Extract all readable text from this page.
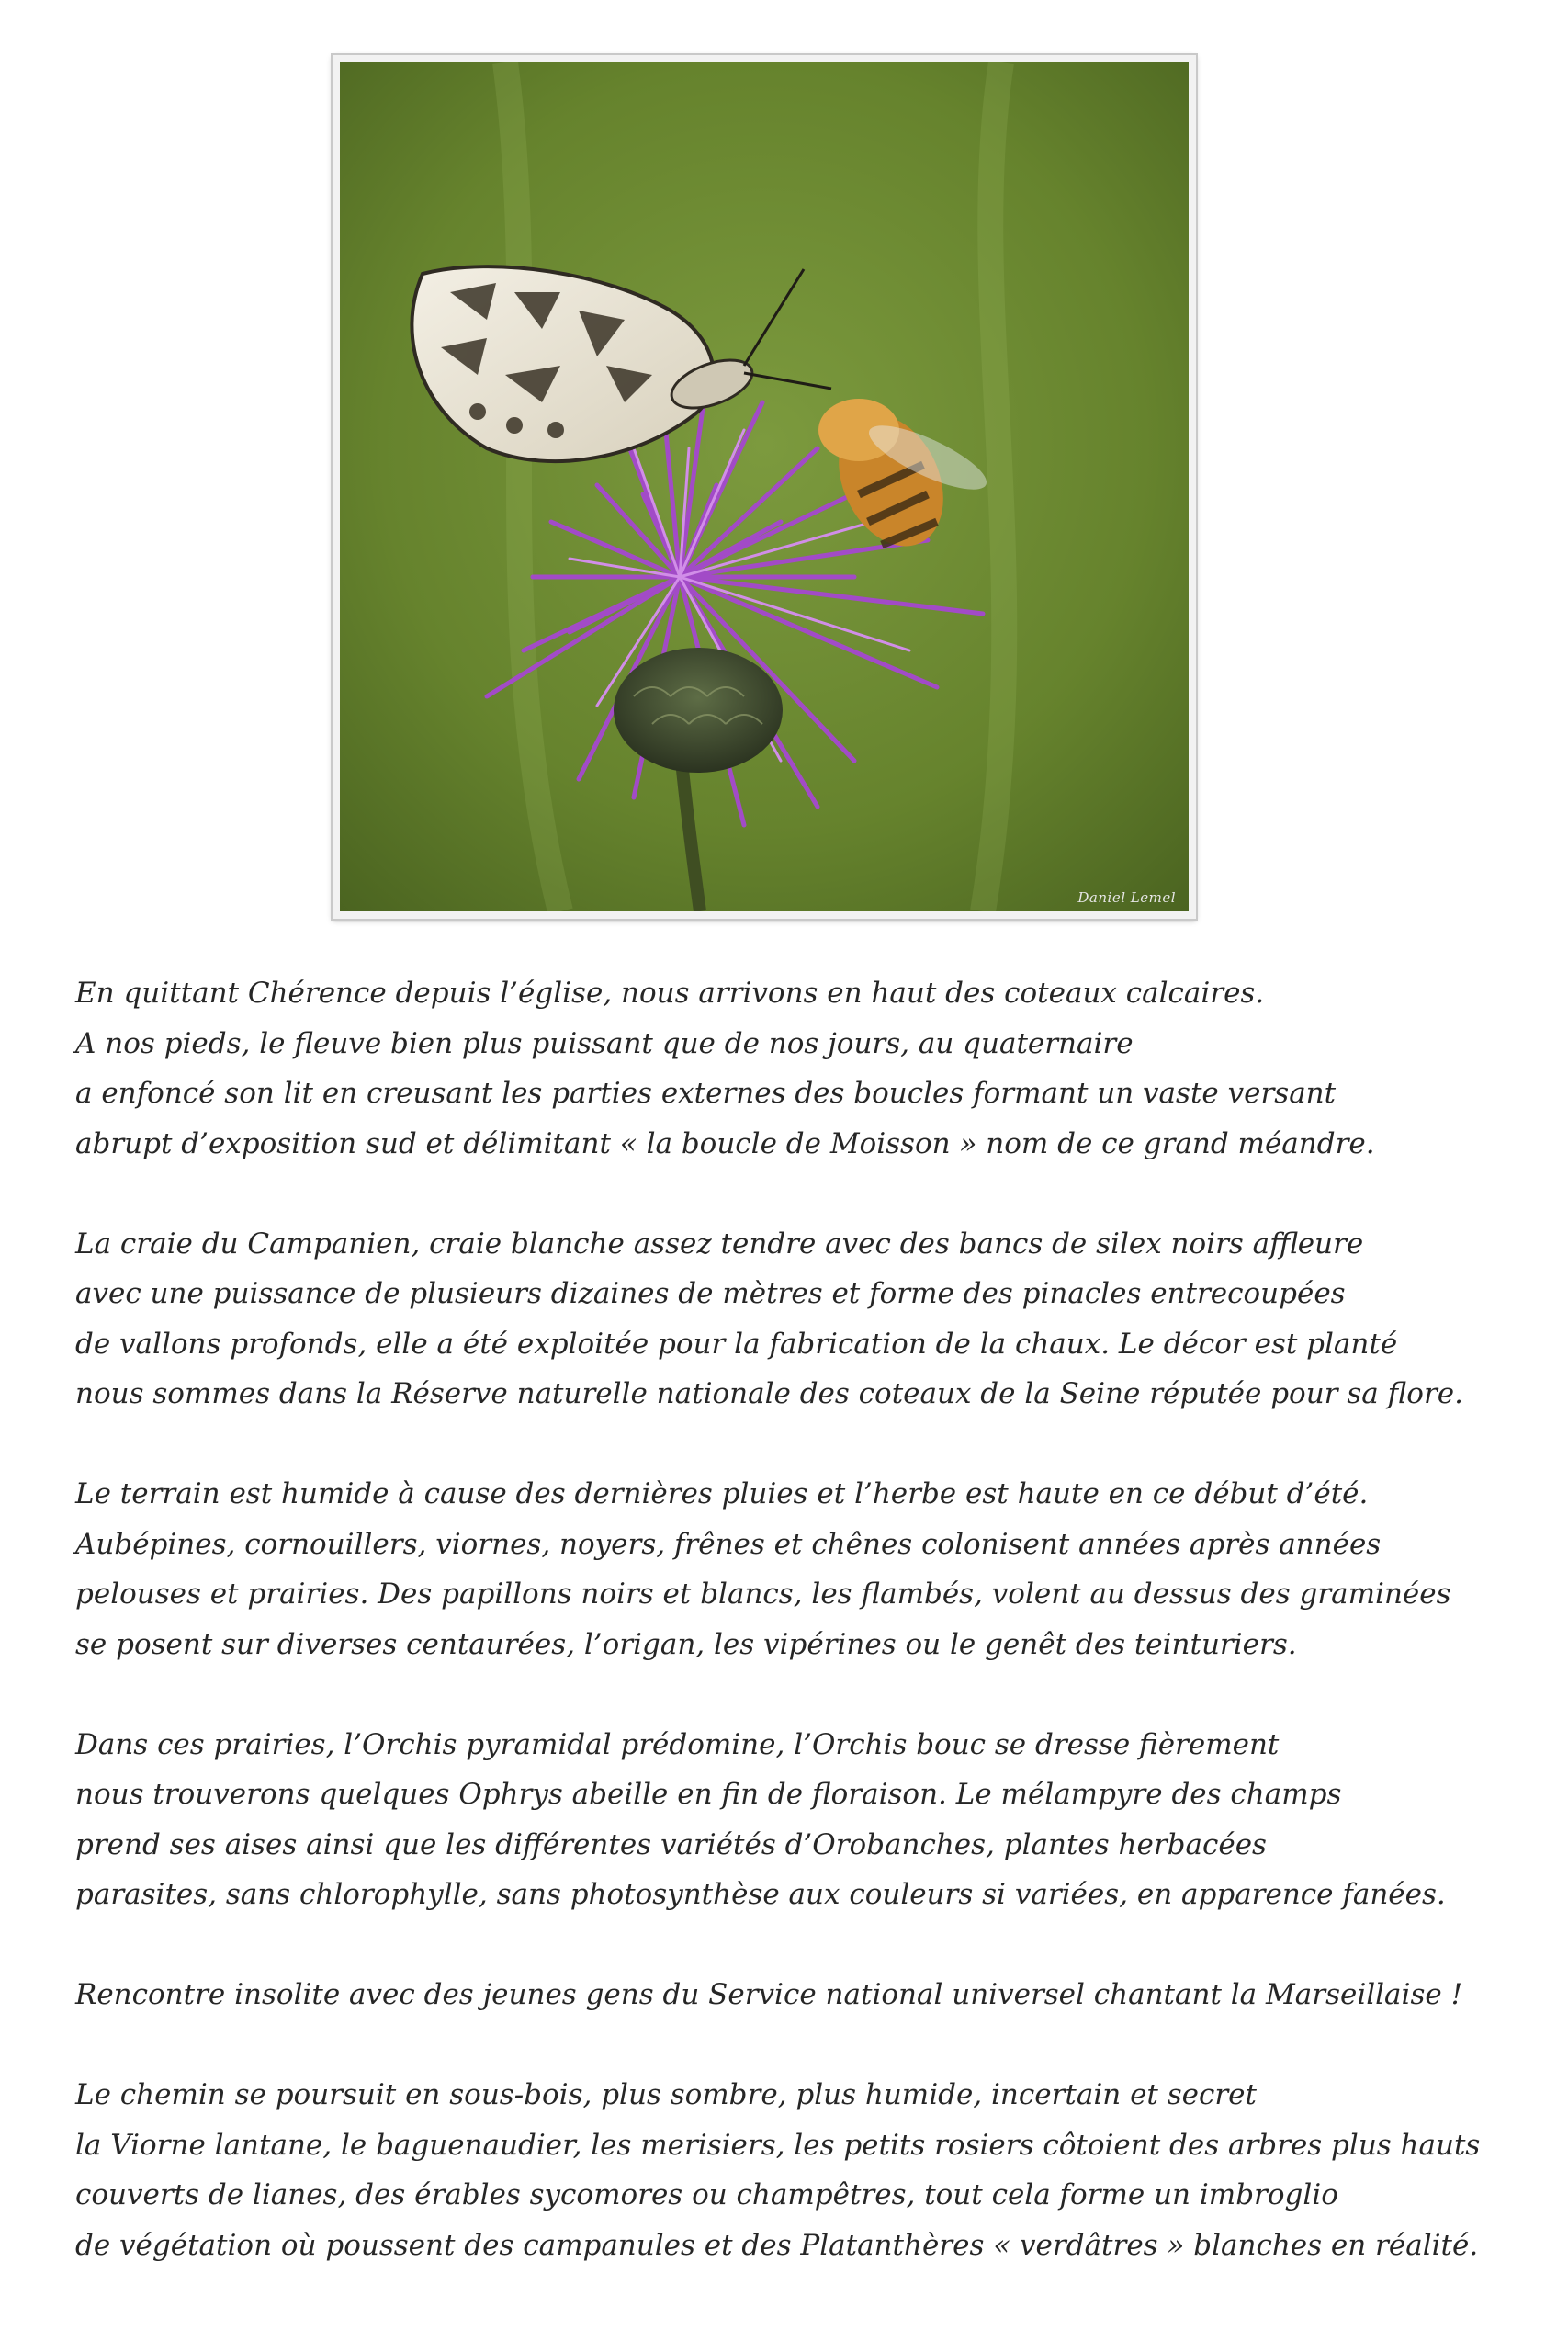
Daniel Lemel

En quittant Chérence depuis l’église, nous arrivons en haut des coteaux calcaires.
A nos pieds, le fleuve bien plus puissant que de nos jours, au quaternaire
a enfoncé son lit en creusant les parties externes des boucles formant un vaste versant
abrupt d’exposition sud et délimitant « la boucle de Moisson » nom de ce grand méandre.

La craie du Campanien, craie blanche assez tendre avec des bancs de silex noirs affleure
avec une puissance de plusieurs dizaines de mètres et forme des pinacles entrecoupées
de vallons profonds, elle a été exploitée pour la fabrication de la chaux. Le décor est planté
nous sommes dans la Réserve naturelle nationale des coteaux de la Seine réputée pour sa flore.

Le terrain est humide à cause des dernières pluies et l’herbe est haute en ce début d’été.
Aubépines, cornouillers, viornes, noyers, frênes et chênes colonisent années après années
pelouses et prairies. Des papillons noirs et blancs, les flambés, volent au dessus des graminées
se posent sur diverses centaurées, l’origan, les vipérines ou le genêt des teinturiers.

Dans ces prairies, l’Orchis pyramidal prédomine, l’Orchis bouc se dresse fièrement
nous trouverons quelques Ophrys abeille en fin de floraison. Le mélampyre des champs
prend ses aises ainsi que les différentes variétés d’Orobanches, plantes herbacées
parasites, sans chlorophylle, sans photosynthèse aux couleurs si variées, en apparence fanées.

Rencontre insolite avec des jeunes gens du Service national universel chantant la Marseillaise !

Le chemin se poursuit en sous-bois, plus sombre, plus humide, incertain et secret
la Viorne lantane, le baguenaudier, les merisiers, les petits rosiers côtoient des arbres plus hauts
couverts de lianes, des érables sycomores ou champêtres, tout cela forme un imbroglio
de végétation où poussent des campanules et des Platanthères « verdâtres » blanches en réalité.
